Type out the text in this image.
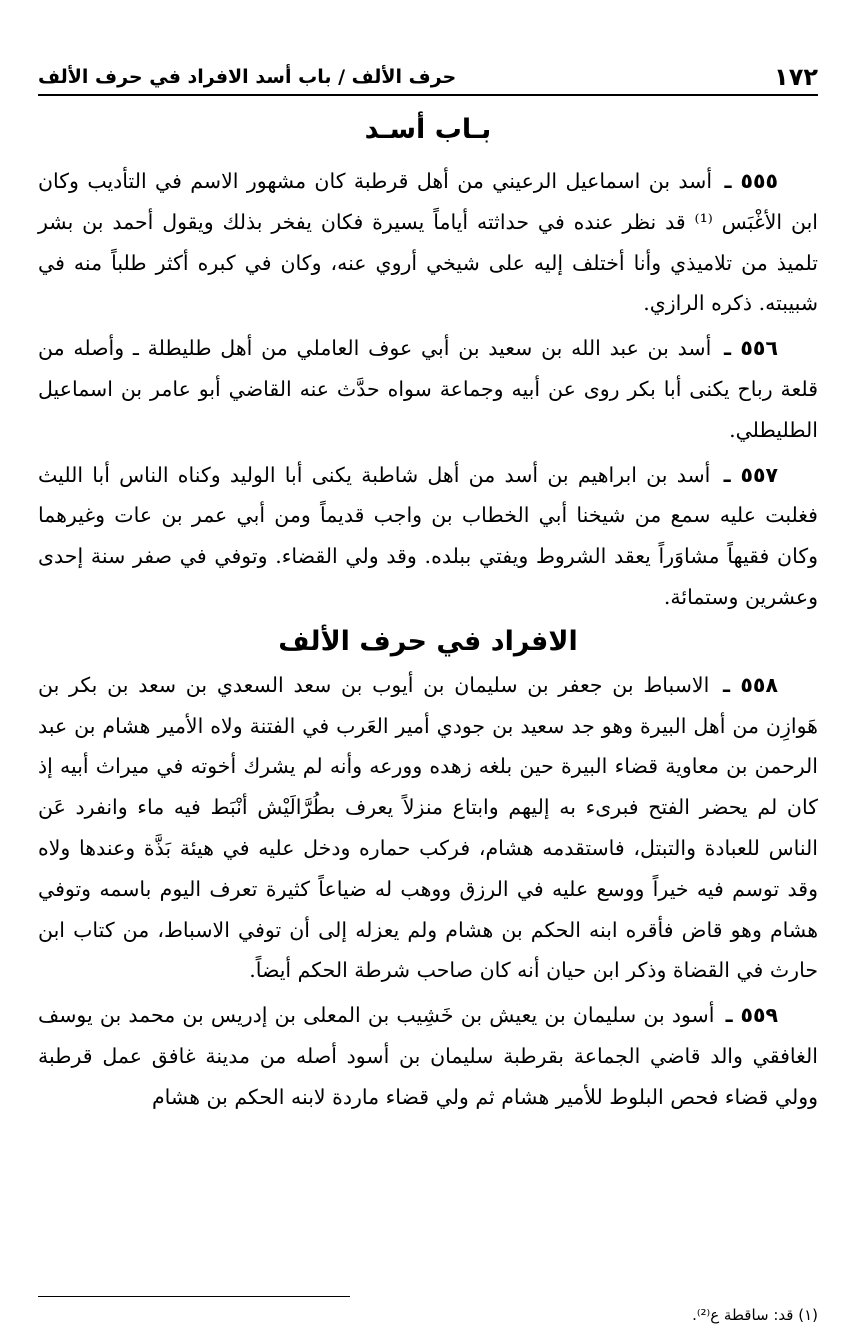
١٧٢
حرف الألف / باب أسد الافراد في حرف الألف
بـاب أسـد

٥٥٥ ـ أسد بن اسماعيل الرعيني من أهل قرطبة كان مشهور الاسم في التأديب وكان ابن الأغْبَس ⁽¹⁾ قد نظر عنده في حداثته أياماً يسيرة فكان يفخر بذلك ويقول أحمد بن بشر تلميذ من تلاميذي وأنا أختلف إليه على شيخي أروي عنه، وكان في كبره أكثر طلباً منه في شبيبته. ذكره الرازي.

٥٥٦ ـ أسد بن عبد الله بن سعيد بن أبي عوف العاملي من أهل طليطلة ـ وأصله من قلعة رباح يكنى أبا بكر روى عن أبيه وجماعة سواه حدَّث عنه القاضي أبو عامر بن اسماعيل الطليطلي.

٥٥٧ ـ أسد بن ابراهيم بن أسد من أهل شاطبة يكنى أبا الوليد وكناه الناس أبا الليث فغلبت عليه سمع من شيخنا أبي الخطاب بن واجب قديماً ومن أبي عمر بن عات وغيرهما وكان فقيهاً مشاوَراً يعقد الشروط ويفتي ببلده. وقد ولي القضاء. وتوفي في صفر سنة إحدى وعشرين وستمائة.

الافراد في حرف الألف

٥٥٨ ـ الاسباط بن جعفر بن سليمان بن أيوب بن سعد السعدي بن سعد بن بكر بن هَوازِن من أهل البيرة وهو جد سعيد بن جودي أمير العَرب في الفتنة ولاه الأمير هشام بن عبد الرحمن بن معاوية قضاء البيرة حين بلغه زهده وورعه وأنه لم يشرك أخوته في ميراث أبيه إذ كان لم يحضر الفتح فبرىء به إليهم وابتاع منزلاً يعرف بطُرَّالَيْش أنْبَط فيه ماء وانفرد عَن الناس للعبادة والتبتل، فاستقدمه هشام، فركب حماره ودخل عليه في هيئة بَذَّة وعندها ولاه وقد توسم فيه خيراً ووسع عليه في الرزق ووهب له ضياعاً كثيرة تعرف اليوم باسمه وتوفي هشام وهو قاض فأقره ابنه الحكم بن هشام ولم يعزله إلى أن توفي الاسباط، من كتاب ابن حارث في القضاة وذكر ابن حيان أنه كان صاحب شرطة الحكم أيضاً.

٥٥٩ ـ أسود بن سليمان بن يعيش بن خَشِيب بن المعلى بن إدريس بن محمد بن يوسف الغافقي والد قاضي الجماعة بقرطبة سليمان بن أسود أصله من مدينة غافق عمل قرطبة وولي قضاء فحص البلوط للأمير هشام ثم ولي قضاء ماردة لابنه الحكم بن هشام

(١) قد: ساقطة ع⁽²⁾.
